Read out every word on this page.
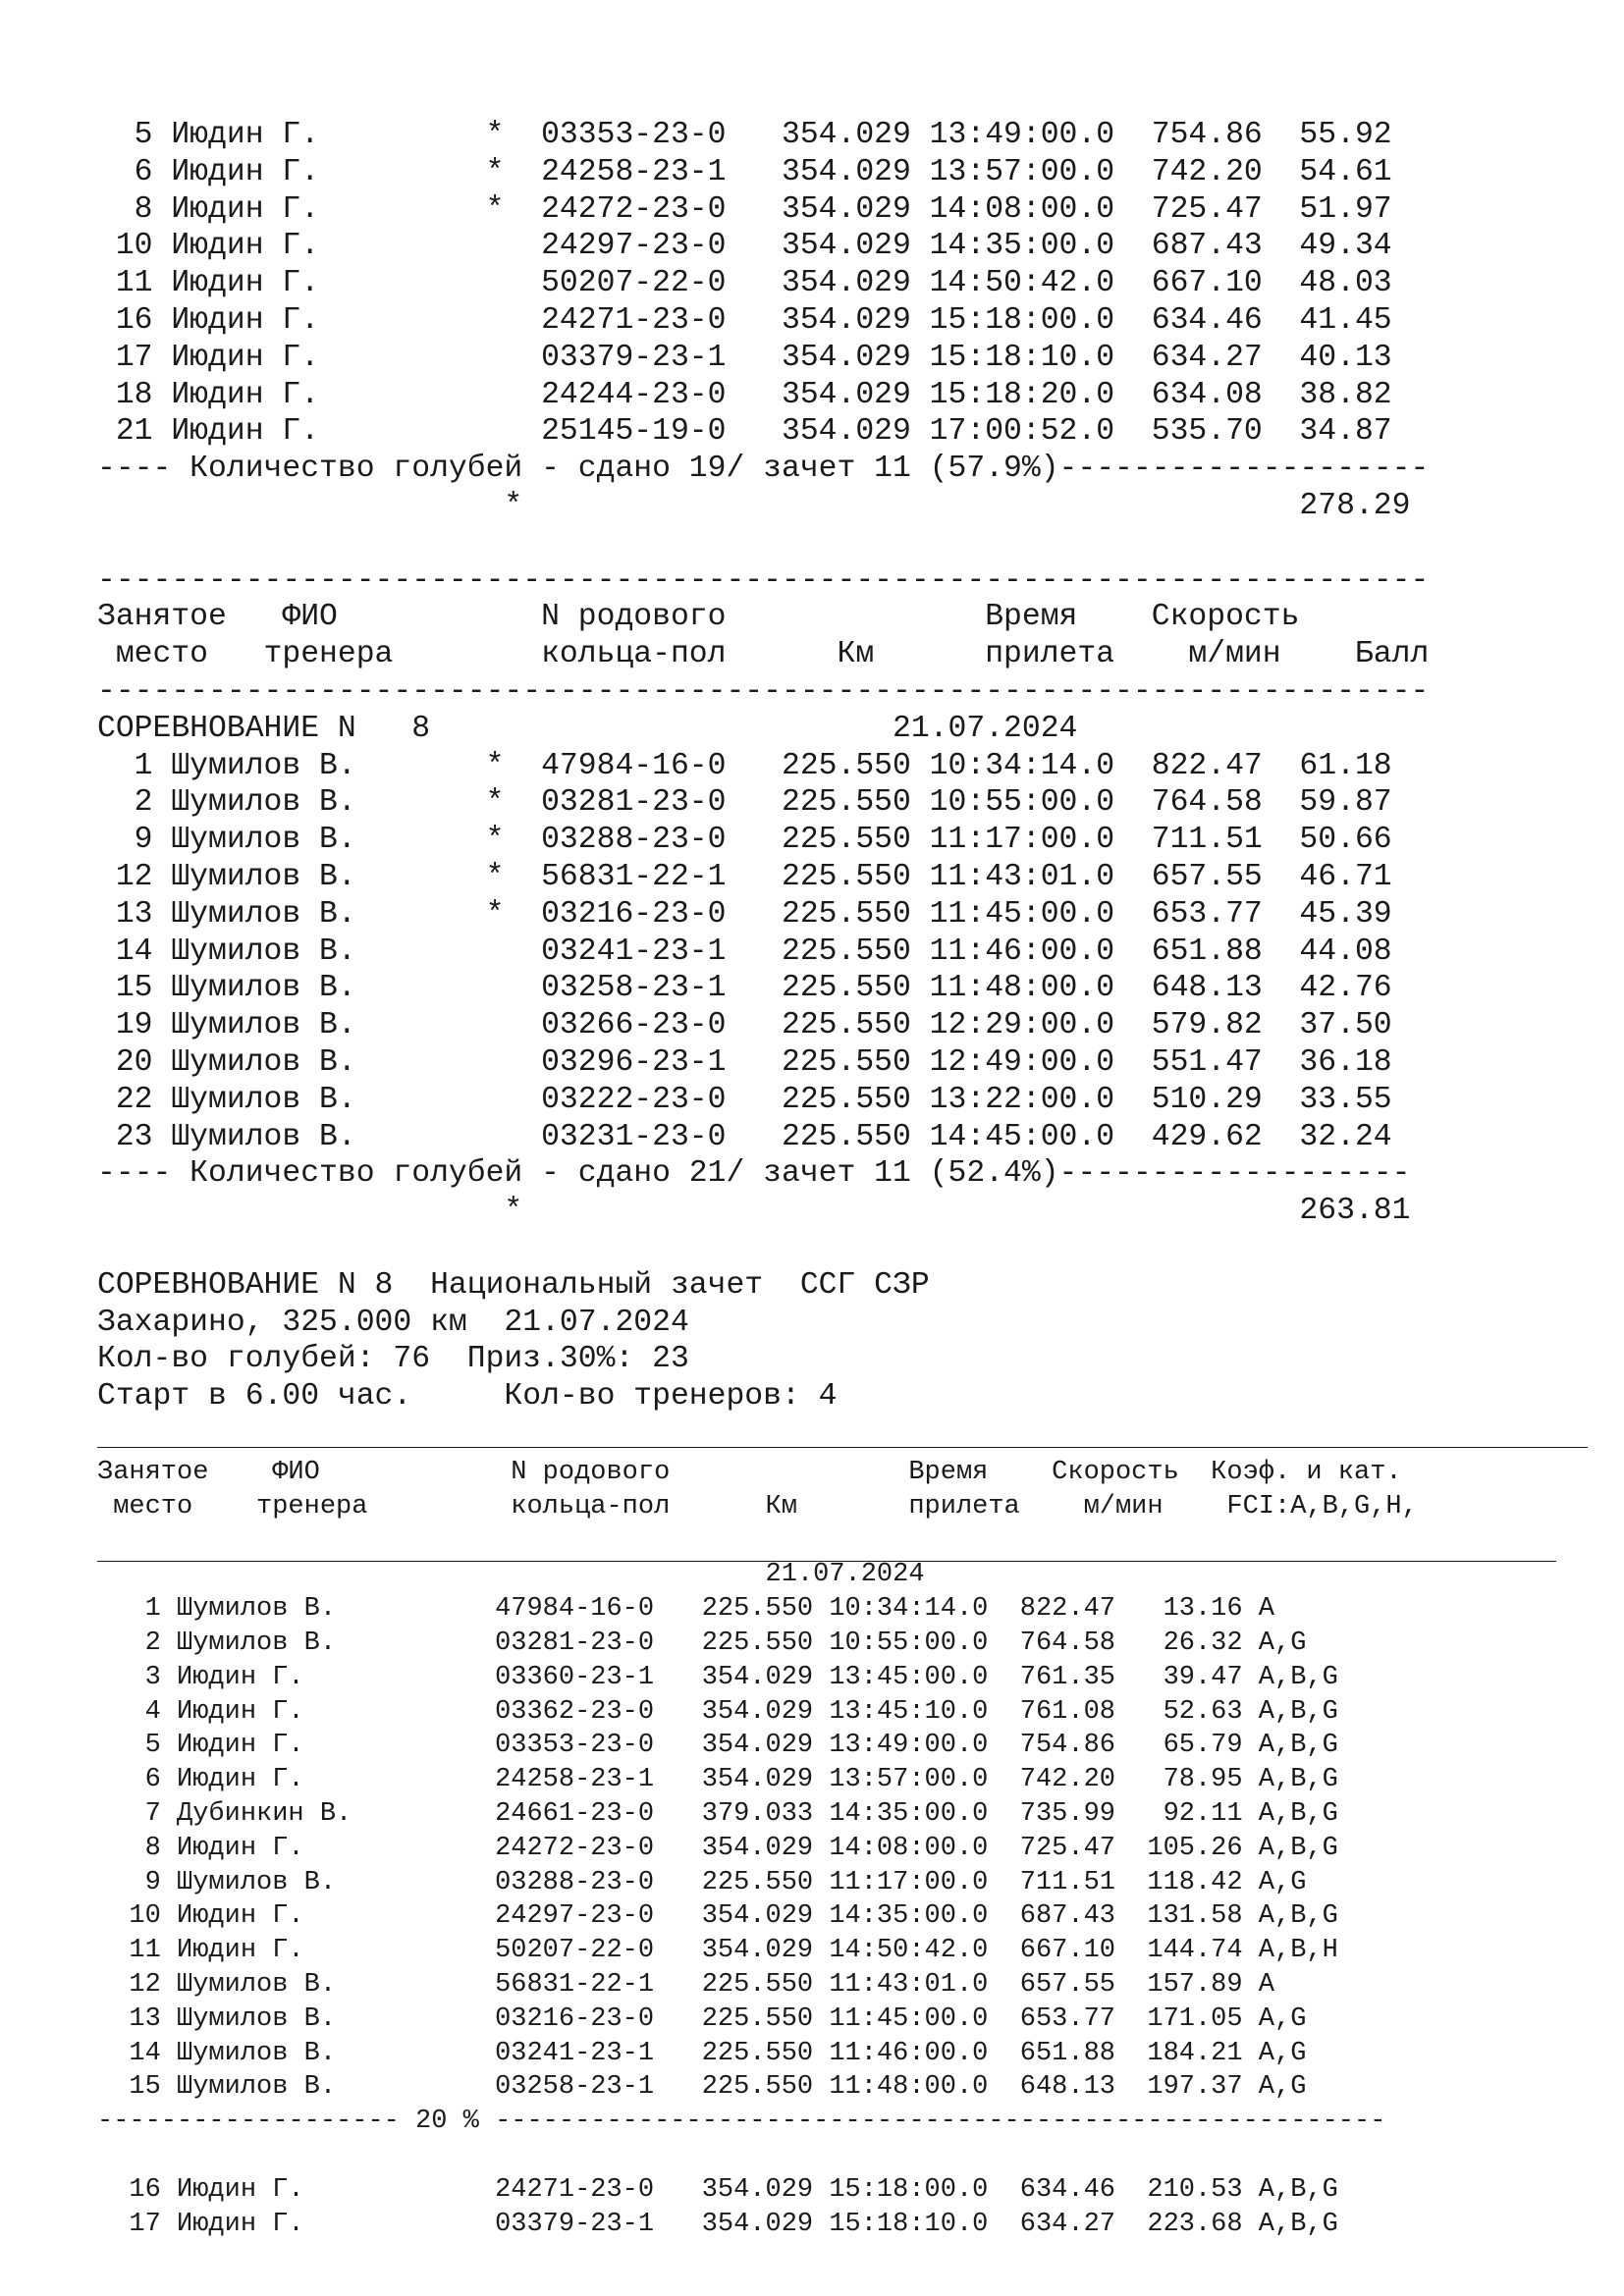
5 Июдин Г.         *  03353-23-0   354.029 13:49:00.0  754.86  55.92
6 Июдин Г.         *  24258-23-1   354.029 13:57:00.0  742.20  54.61
8 Июдин Г.         *  24272-23-0   354.029 14:08:00.0  725.47  51.97
10 Июдин Г.            24297-23-0   354.029 14:35:00.0  687.43  49.34
11 Июдин Г.            50207-22-0   354.029 14:50:42.0  667.10  48.03
16 Июдин Г.            24271-23-0   354.029 15:18:00.0  634.46  41.45
17 Июдин Г.            03379-23-1   354.029 15:18:10.0  634.27  40.13
18 Июдин Г.            24244-23-0   354.029 15:18:20.0  634.08  38.82
21 Июдин Г.            25145-19-0   354.029 17:00:52.0  535.70  34.87
---- Количество голубей - сдано 19/ зачет 11 (57.9%)--------------------
*                                          278.29
------------------------------------------------------------------------
Занятое   ФИО           N родового              Время    Скорость
место   тренера        кольца-пол      Км      прилета    м/мин    Балл
------------------------------------------------------------------------
СОРЕВНОВАНИЕ N   8                         21.07.2024
1 Шумилов В.       *  47984-16-0   225.550 10:34:14.0  822.47  61.18
2 Шумилов В.       *  03281-23-0   225.550 10:55:00.0  764.58  59.87
9 Шумилов В.       *  03288-23-0   225.550 11:17:00.0  711.51  50.66
12 Шумилов В.       *  56831-22-1   225.550 11:43:01.0  657.55  46.71
13 Шумилов В.       *  03216-23-0   225.550 11:45:00.0  653.77  45.39
14 Шумилов В.          03241-23-1   225.550 11:46:00.0  651.88  44.08
15 Шумилов В.          03258-23-1   225.550 11:48:00.0  648.13  42.76
19 Шумилов В.          03266-23-0   225.550 12:29:00.0  579.82  37.50
20 Шумилов В.          03296-23-1   225.550 12:49:00.0  551.47  36.18
22 Шумилов В.          03222-23-0   225.550 13:22:00.0  510.29  33.55
23 Шумилов В.          03231-23-0   225.550 14:45:00.0  429.62  32.24
---- Количество голубей - сдано 21/ зачет 11 (52.4%)-------------------
*                                          263.81
СОРЕВНОВАНИЕ N 8  Национальный зачет  ССГ СЗР
Захарино, 325.000 км  21.07.2024
Кол-во голубей: 76  Приз.30%: 23
Старт в 6.00 час.     Кол-во тренеров: 4
Занятое    ФИО            N родового               Время    Скорость  Коэф. и кат.
место    тренера         кольца-пол      Км       прилета    м/мин    FCI:A,B,G,H,
21.07.2024
1 Шумилов В.          47984-16-0   225.550 10:34:14.0  822.47   13.16 A
2 Шумилов В.          03281-23-0   225.550 10:55:00.0  764.58   26.32 A,G
3 Июдин Г.            03360-23-1   354.029 13:45:00.0  761.35   39.47 A,B,G
4 Июдин Г.            03362-23-0   354.029 13:45:10.0  761.08   52.63 A,B,G
5 Июдин Г.            03353-23-0   354.029 13:49:00.0  754.86   65.79 A,B,G
6 Июдин Г.            24258-23-1   354.029 13:57:00.0  742.20   78.95 A,B,G
7 Дубинкин В.         24661-23-0   379.033 14:35:00.0  735.99   92.11 A,B,G
8 Июдин Г.            24272-23-0   354.029 14:08:00.0  725.47  105.26 A,B,G
9 Шумилов В.          03288-23-0   225.550 11:17:00.0  711.51  118.42 A,G
10 Июдин Г.            24297-23-0   354.029 14:35:00.0  687.43  131.58 A,B,G
11 Июдин Г.            50207-22-0   354.029 14:50:42.0  667.10  144.74 A,B,H
12 Шумилов В.          56831-22-1   225.550 11:43:01.0  657.55  157.89 A
13 Шумилов В.          03216-23-0   225.550 11:45:00.0  653.77  171.05 A,G
14 Шумилов В.          03241-23-1   225.550 11:46:00.0  651.88  184.21 A,G
15 Шумилов В.          03258-23-1   225.550 11:48:00.0  648.13  197.37 A,G
------------------- 20 % --------------------------------------------------------
16 Июдин Г.            24271-23-0   354.029 15:18:00.0  634.46  210.53 A,B,G
17 Июдин Г.            03379-23-1   354.029 15:18:10.0  634.27  223.68 A,B,G
